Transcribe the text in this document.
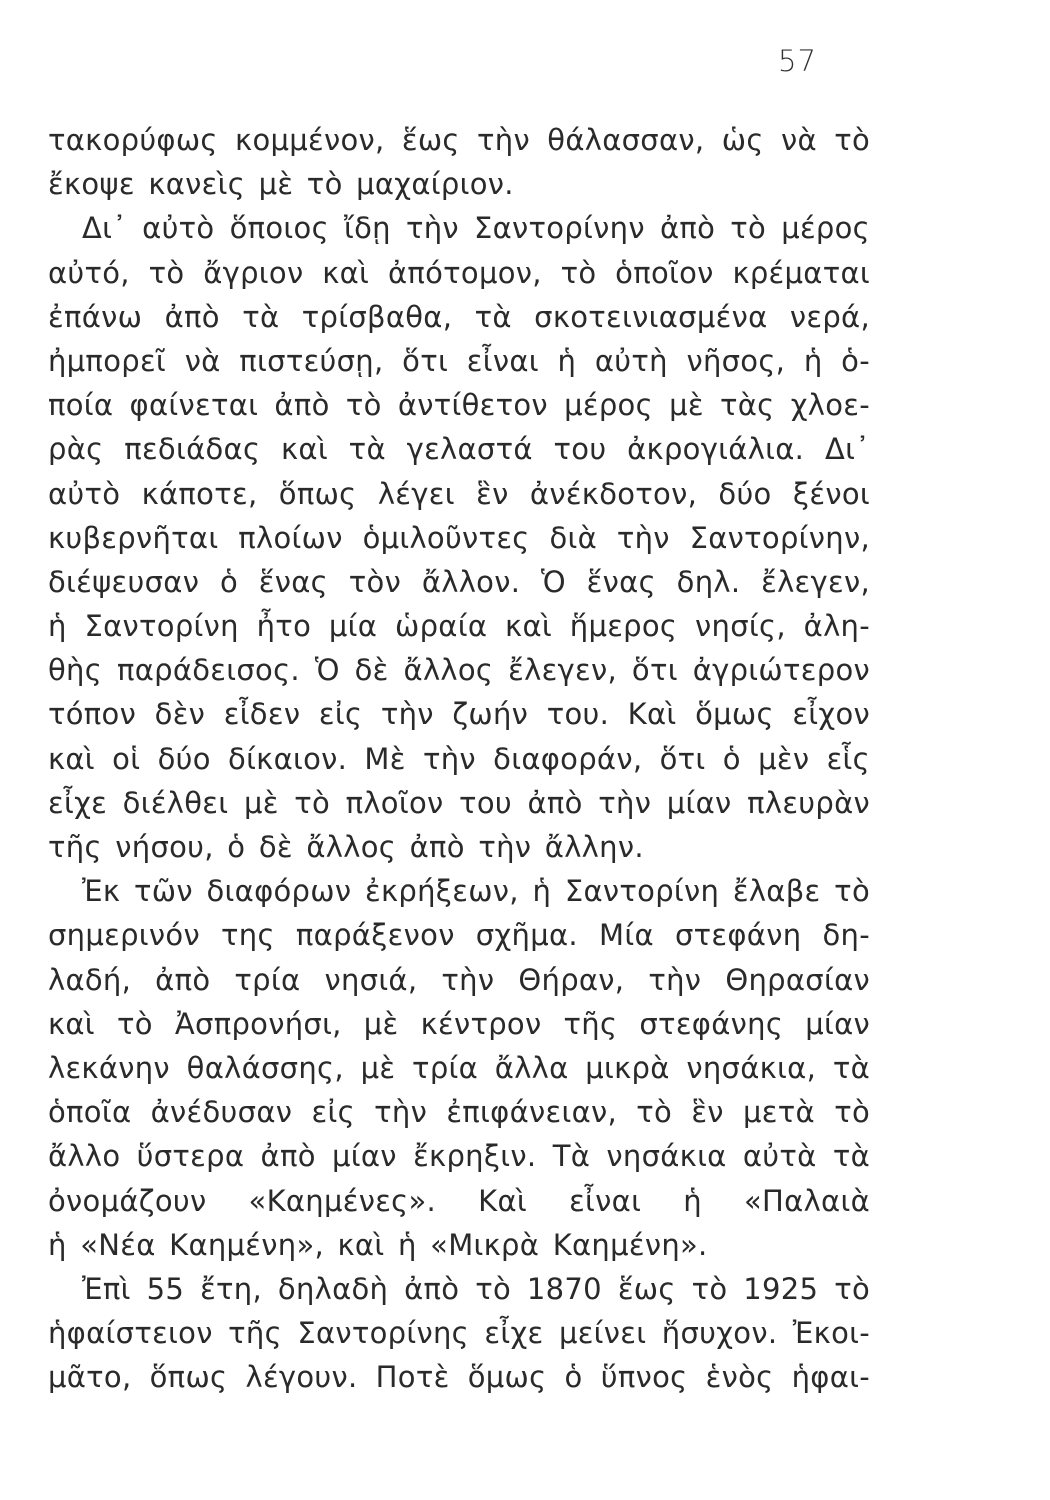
57
τακορύφως κομμένον, ἕως τὴν θάλασσαν, ὡς νὰ τὸ
ἔκοψε κανεὶς μὲ τὸ μαχαίριον.
Δι᾽ αὐτὸ ὅποιος ἴδῃ τὴν Σαντορίνην ἀπὸ τὸ μέρος
αὐτό, τὸ ἄγριον καὶ ἀπότομον, τὸ ὁποῖον κρέμαται
ἐπάνω ἀπὸ τὰ τρίσβαθα, τὰ σκοτεινιασμένα νερά,
ἠμπορεῖ νὰ πιστεύσῃ, ὅτι εἶναι ἡ αὐτὴ νῆσος, ἡ ὁ-
ποία φαίνεται ἀπὸ τὸ ἀντίθετον μέρος μὲ τὰς χλοε-
ρὰς πεδιάδας καὶ τὰ γελαστά του ἀκρογιάλια. Δι᾽
αὐτὸ κάποτε, ὅπως λέγει ἓν ἀνέκδοτον, δύο ξένοι
κυβερνῆται πλοίων ὁμιλοῦντες διὰ τὴν Σαντορίνην,
διέψευσαν ὁ ἕνας τὸν ἄλλον. Ὁ ἕνας δηλ. ἔλεγεν,
ἡ Σαντορίνη ἦτο μία ὡραία καὶ ἥμερος νησίς, ἀλη-
θὴς παράδεισος. Ὁ δὲ ἄλλος ἔλεγεν, ὅτι ἀγριώτερον
τόπον δὲν εἶδεν εἰς τὴν ζωήν του. Καὶ ὅμως εἶχον
καὶ οἱ δύο δίκαιον. Μὲ τὴν διαφοράν, ὅτι ὁ μὲν εἷς
εἶχε διέλθει μὲ τὸ πλοῖον του ἀπὸ τὴν μίαν πλευρὰν
τῆς νήσου, ὁ δὲ ἄλλος ἀπὸ τὴν ἄλλην.
Ἐκ τῶν διαφόρων ἐκρήξεων, ἡ Σαντορίνη ἔλαβε τὸ
σημερινόν της παράξενον σχῆμα. Μία στεφάνη δη-
λαδή, ἀπὸ τρία νησιά, τὴν Θήραν, τὴν Θηρασίαν
καὶ τὸ Ἀσπρονήσι, μὲ κέντρον τῆς στεφάνης μίαν
λεκάνην θαλάσσης, μὲ τρία ἄλλα μικρὰ νησάκια, τὰ
ὁποῖα ἀνέδυσαν εἰς τὴν ἐπιφάνειαν, τὸ ἓν μετὰ τὸ
ἄλλο ὕστερα ἀπὸ μίαν ἔκρηξιν. Τὰ νησάκια αὐτὰ τὰ
ὀνομάζουν «Καημένες». Καὶ εἶναι ἡ «Παλαιὰ
ἡ «Νέα Καημένη», καὶ ἡ «Μικρὰ Καημένη».
Ἐπὶ 55 ἔτη, δηλαδὴ ἀπὸ τὸ 1870 ἕως τὸ 1925 τὸ
ἡφαίστειον τῆς Σαντορίνης εἶχε μείνει ἥσυχον. Ἐκοι-
μᾶτο, ὅπως λέγουν. Ποτὲ ὅμως ὁ ὕπνος ἑνὸς ἡφαι-
